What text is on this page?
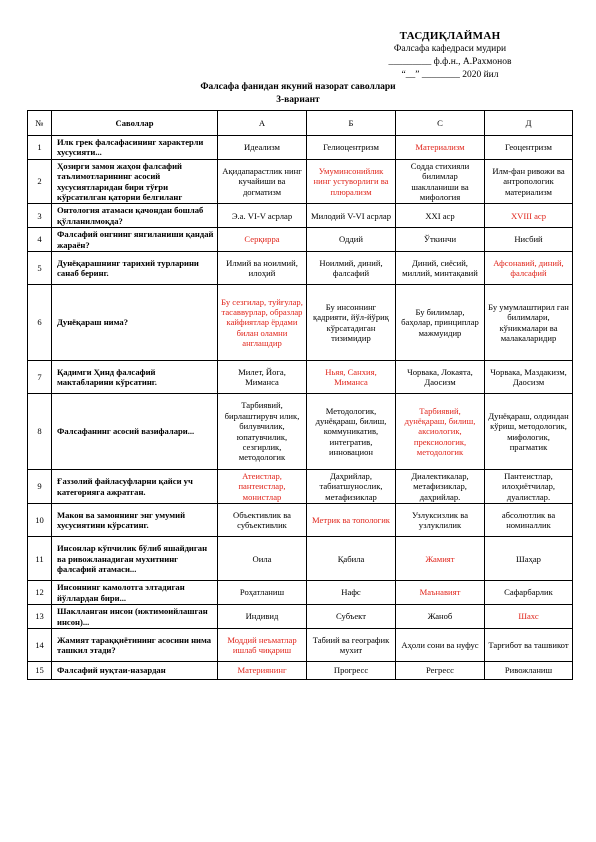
ТАСДИҚЛАЙМАН
Фалсафа кафедраси мудири
_________ ф.ф.н., А.Рахмонов
“__” ________ 2020 йил
Фалсафа фанидан якуний назорат саволлари
3-вариант
№	Саволлар	А	Б	С	Д
1	Илк грек фалсафасининг характерли хусусияти...	Идеализм	Гелиоцентризм	Материализм	Геоцентризм
2	Ҳозирги замон жаҳон фалсафий таълимотларининг асосий хусусиятларидан бири тўғри кўрсатилган қаторни белгиланг	Ақидапарастлик нинг кучайиши ва догматизм	Умуминсонийлик нинг устуворлиги ва плюрализм	Содда стихияли билимлар шаклланиши ва мифология	Илм-фан ривожи ва антропологик материализм
3	Онтология атамаси қачондан бошлаб қўлланилмоқда?	Э.а. VI-V асрлар	Милодий V-VI асрлар	XXI аср	XVIII аср
4	Фалсафий онгнинг янгиланиши қандай жараён?	Серқирра	Оддий	Ўткинчи	Нисбий
5	Дунёқарашнинг тарихий турларини санаб беринг.	Илмий ва ноилмий, илоҳий	Ноилмий, диний, фалсафий	Диний, сиёсий, миллий, минтақавий	Афсонавий, диний, фалсафий
6	Дунёқараш нима?	Бу сезгилар, туйғулар, тасаввурлар, образлар кайфиятлар ёрдами билан оламни англашдир	Бу инсоннинг қадрияти, йўл-йўриқ кўрсатадиган тизимидир	Бу билимлар, баҳолар, принциплар мажмуидир	Бу умумлаштирил ган билимлари, кўникмалари ва малакаларидир
7	Қадимги Ҳинд фалсафий мактабларини кўрсатинг.	Милет, Йога, Миманса	Ньяя, Санхия, Миманса	Чорвака, Локаята, Даосизм	Чорвака, Маздакизм, Даосизм
8	Фалсафанинг асосий вазифалари...	Тарбиявий, бирлаштирувч илик, билувчилик, юпатувчилик, сезгирлик, методологик	Методологик, дунёқараш, билиш, коммуникатив, интегратив, инновацион	Тарбиявий, дунёқараш, билиш, аксиологик, прексиологик, методологик	Дунёқараш, олдиндан кўриш, методологик, мифологик, прагматик
9	Ғаззолий файласуфларни қайси уч категорияга ажратган.	Атеистлар, пантеистлар, монистлар	Даҳрийлар, табиатшунослик, метафизиклар	Диалектикалар, метафизиклар, даҳрийлар.	Пантеистлар, илоҳиётчилар, дуалистлар.
10	Макон ва замоннинг энг умумий хусусиятини кўрсатинг.	Объективлик ва субъективлик	Метрик ва топологик	Узлуксизлик ва узлуклилик	абсолютлик ва номиналлик
11	Инсонлар кўпчилик бўлиб яшайдиган ва ривожланадиган мухитнинг фалсафий атамаси...	Оила	Қабила	Жамият	Шаҳар
12	Инсоннинг камолотга элтадиган йўллардан бири...	Роҳатланиш	Нафс	Маънавият	Сафарбарлик
13	Шаклланган инсон (ижтимоийлашган инсон)...	Индивид	Субъект	Жаноб	Шахс
14	Жамият тараққиётининг асосини нима ташкил этади?	Моддий неъматлар ишлаб чиқариш	Табиий ва географик мухит	Аҳоли сони ва нуфус	Тарғибот ва ташвикот
15	Фалсафий нуқтаи-назардан	Материянинг	Прогресс	Регресс	Ривожланиш
